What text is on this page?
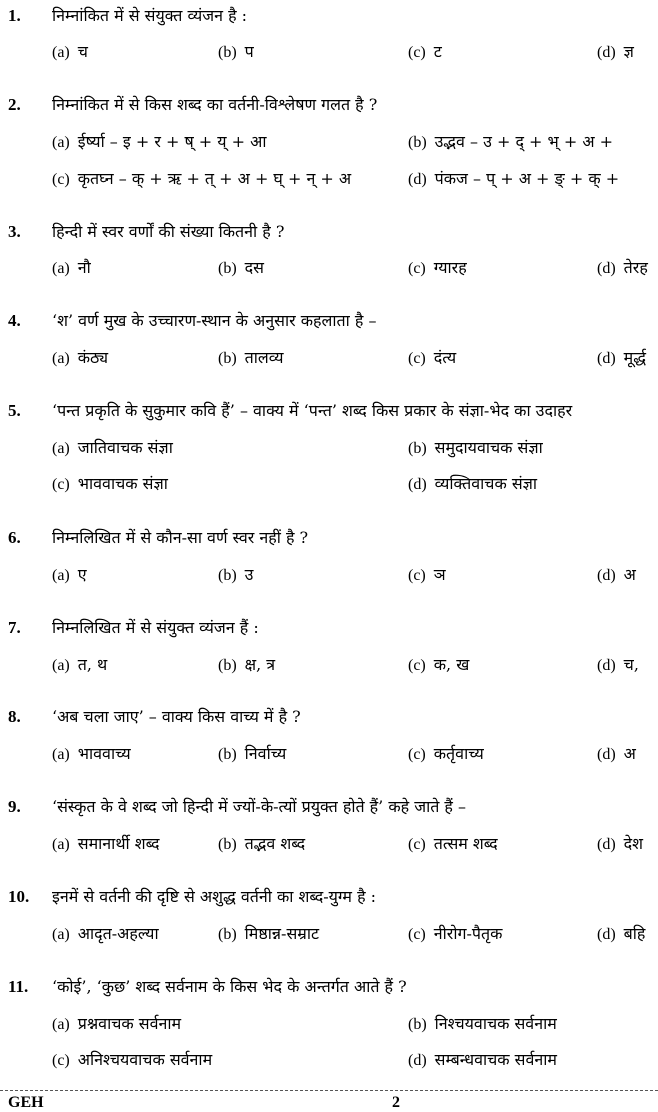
1. निम्नांकित में से संयुक्त व्यंजन है :
(a) च	(b) प	(c) ट	(d) ज्ञ
2. निम्नांकित में से किस शब्द का वर्तनी-विश्लेषण गलत है ?
(a) ईर्ष्या – इ + र + ष् + य् + आ	(b) उद्भव – उ + द् + भ् + अ +
(c) कृतघ्न – क् + ऋ + त् + अ + घ् + न् + अ	(d) पंकज – प् + अ + ङ् + क् +
3. हिन्दी में स्वर वर्णों की संख्या कितनी है ?
(a) नौ	(b) दस	(c) ग्यारह	(d) तेरह
4. ‘श’ वर्ण मुख के उच्चारण-स्थान के अनुसार कहलाता है –
(a) कंठ्य	(b) तालव्य	(c) दंत्य	(d) मूर्द्ध
5. ‘पन्त प्रकृति के सुकुमार कवि हैं’ – वाक्य में ‘पन्त’ शब्द किस प्रकार के संज्ञा-भेद का उदाहर
(a) जातिवाचक संज्ञा	(b) समुदायवाचक संज्ञा
(c) भाववाचक संज्ञा	(d) व्यक्तिवाचक संज्ञा
6. निम्नलिखित में से कौन-सा वर्ण स्वर नहीं है ?
(a) ए	(b) उ	(c) ञ	(d) अ
7. निम्नलिखित में से संयुक्त व्यंजन हैं :
(a) त, थ	(b) क्ष, त्र	(c) क, ख	(d) च,
8. ‘अब चला जाए’ – वाक्य किस वाच्य में है ?
(a) भाववाच्य	(b) निर्वाच्य	(c) कर्तृवाच्य	(d) अ
9. ‘संस्कृत के वे शब्द जो हिन्दी में ज्यों-के-त्यों प्रयुक्त होते हैं’ कहे जाते हैं –
(a) समानार्थी शब्द	(b) तद्भव शब्द	(c) तत्सम शब्द	(d) देश
10. इनमें से वर्तनी की दृष्टि से अशुद्ध वर्तनी का शब्द-युग्म है :
(a) आदृत-अहल्या	(b) मिष्ठान्न-सम्राट	(c) नीरोग-पैतृक	(d) बहि
11. ‘कोई’, ‘कुछ’ शब्द सर्वनाम के किस भेद के अन्तर्गत आते हैं ?
(a) प्रश्नवाचक सर्वनाम	(b) निश्चयवाचक सर्वनाम
(c) अनिश्चयवाचक सर्वनाम	(d) सम्बन्धवाचक सर्वनाम
GEH	2
